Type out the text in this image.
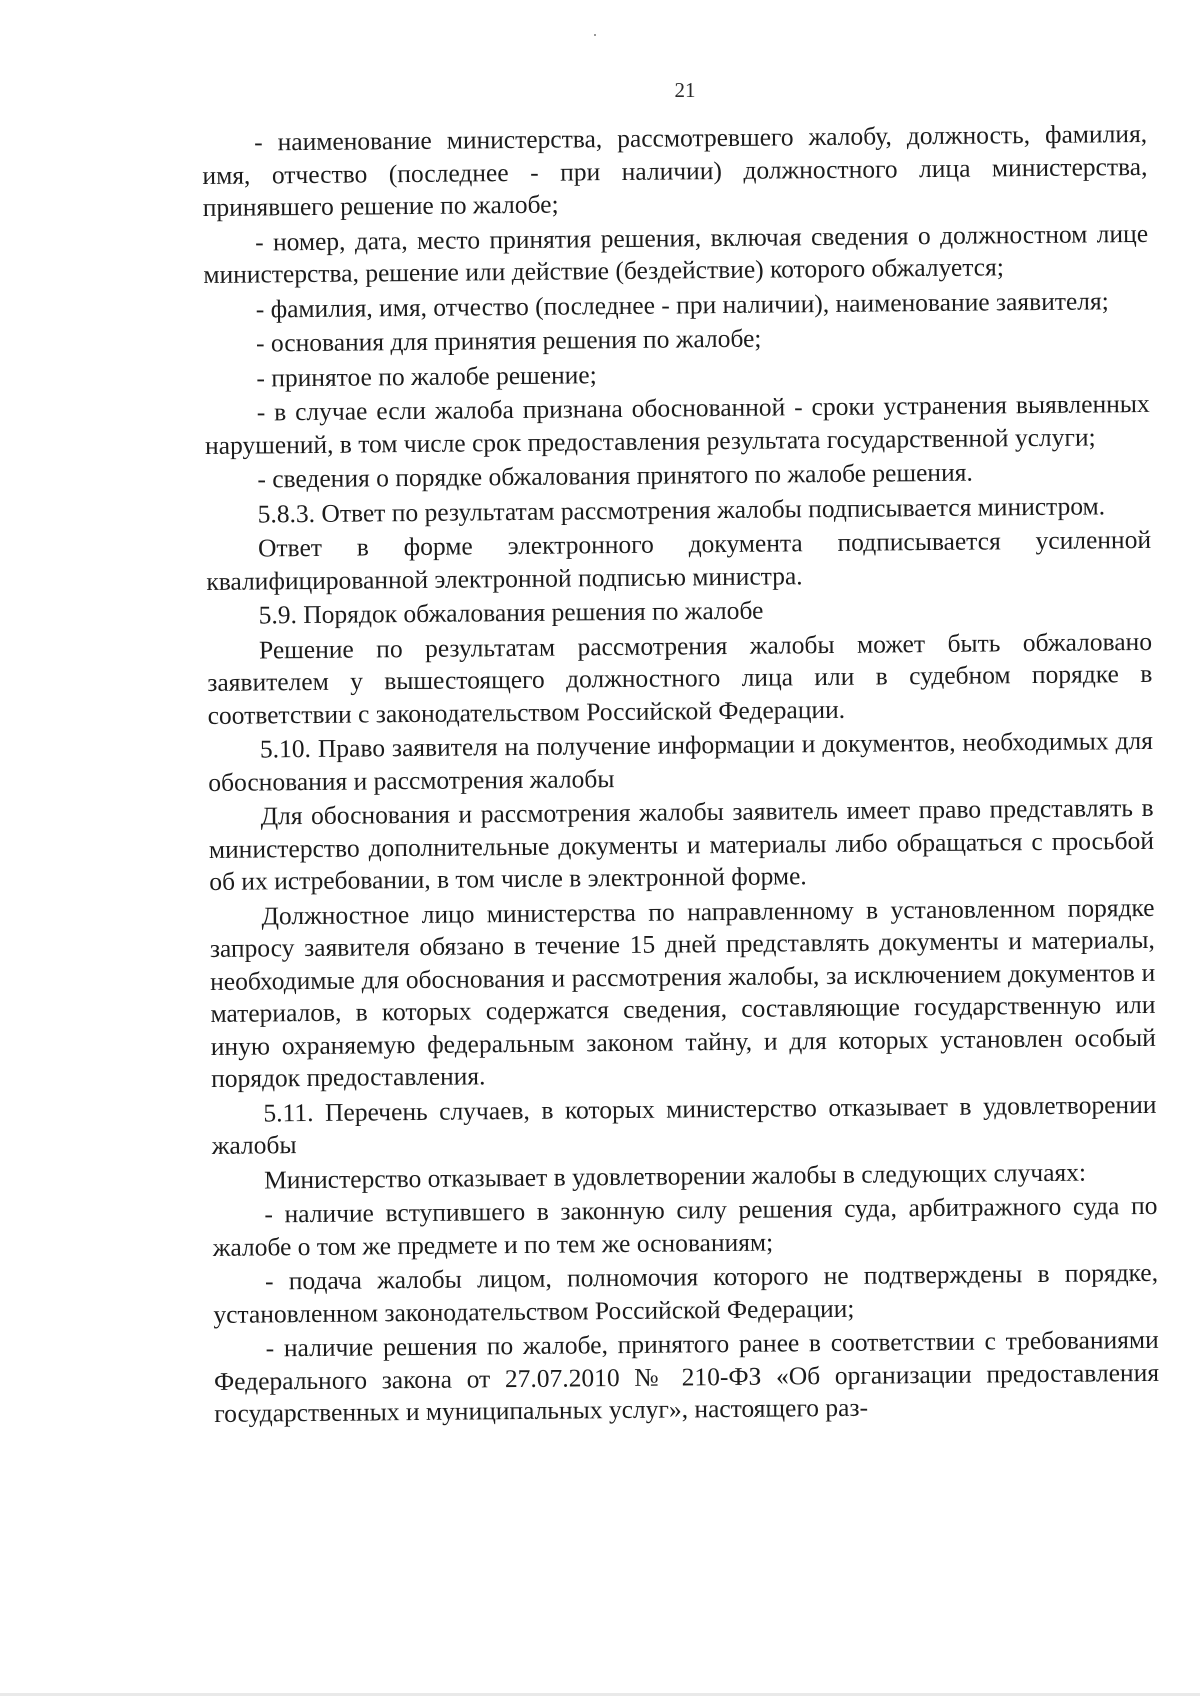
21

- наименование министерства, рассмотревшего жалобу, должность, фамилия, имя, отчество (последнее - при наличии) должностного лица министерства, принявшего решение по жалобе;

- номер, дата, место принятия решения, включая сведения о должностном лице министерства, решение или действие (бездействие) которого обжалуется;

- фамилия, имя, отчество (последнее - при наличии), наименование заявителя;

- основания для принятия решения по жалобе;

- принятое по жалобе решение;

- в случае если жалоба признана обоснованной - сроки устранения выявленных нарушений, в том числе срок предоставления результата государственной услуги;

- сведения о порядке обжалования принятого по жалобе решения.

5.8.3. Ответ по результатам рассмотрения жалобы подписывается министром.

Ответ в форме электронного документа подписывается усиленной квалифицированной электронной подписью министра.

5.9. Порядок обжалования решения по жалобе

Решение по результатам рассмотрения жалобы может быть обжаловано заявителем у вышестоящего должностного лица или в судебном порядке в соответствии с законодательством Российской Федерации.

5.10. Право заявителя на получение информации и документов, необходимых для обоснования и рассмотрения жалобы

Для обоснования и рассмотрения жалобы заявитель имеет право представлять в министерство дополнительные документы и материалы либо обращаться с просьбой об их истребовании, в том числе в электронной форме.

Должностное лицо министерства по направленному в установленном порядке запросу заявителя обязано в течение 15 дней представлять документы и материалы, необходимые для обоснования и рассмотрения жалобы, за исключением документов и материалов, в которых содержатся сведения, составляющие государственную или иную охраняемую федеральным законом тайну, и для которых установлен особый порядок предоставления.

5.11. Перечень случаев, в которых министерство отказывает в удовлетворении жалобы

Министерство отказывает в удовлетворении жалобы в следующих случаях:

- наличие вступившего в законную силу решения суда, арбитражного суда по жалобе о том же предмете и по тем же основаниям;

- подача жалобы лицом, полномочия которого не подтверждены в порядке, установленном законодательством Российской Федерации;

- наличие решения по жалобе, принятого ранее в соответствии с требованиями Федерального закона от 27.07.2010 № 210-ФЗ «Об организации предоставления государственных и муниципальных услуг», настоящего раз-
